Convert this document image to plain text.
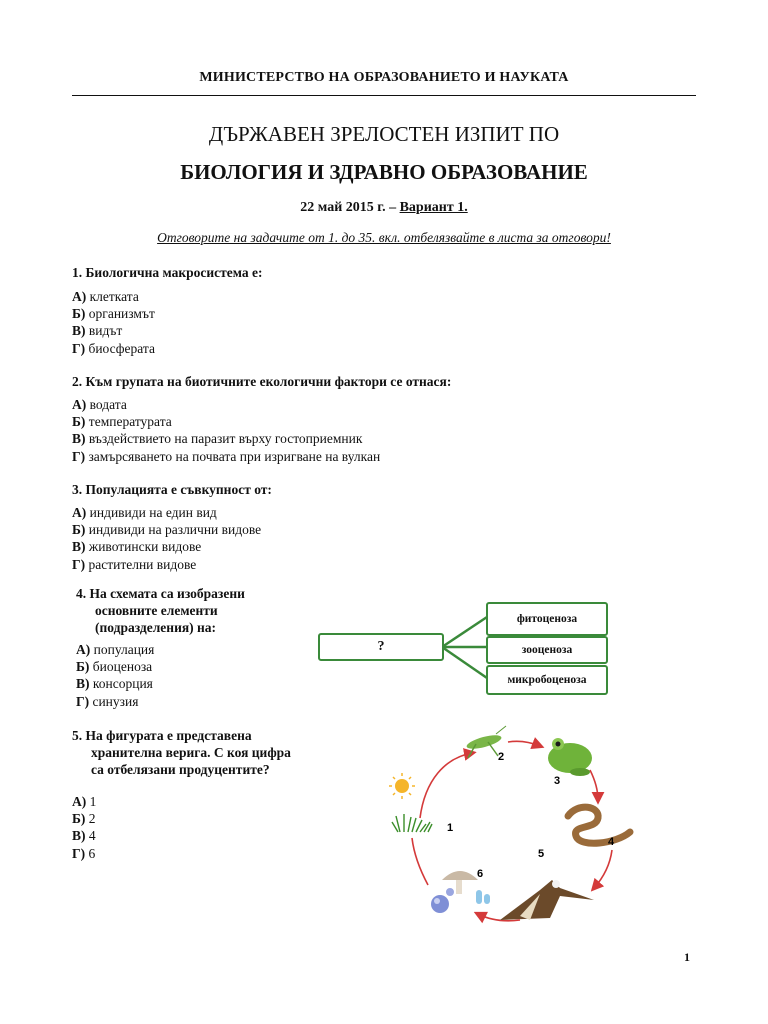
МИНИСТЕРСТВО НА ОБРАЗОВАНИЕТО И НАУКАТА
ДЪРЖАВЕН ЗРЕЛОСТЕН ИЗПИТ ПО
БИОЛОГИЯ И ЗДРАВНО ОБРАЗОВАНИЕ
22 май 2015 г. – Вариант 1.
Отговорите на задачите от 1. до 35. вкл. отбелязвайте в листа за отговори!
1. Биологична макросистема е:
А) клетката
Б) организмът
В) видът
Г) биосферата
2. Към групата на биотичните екологични фактори се отнася:
А) водата
Б) температурата
В) въздействието на паразит върху гостоприемник
Г) замърсяването на почвата при изригване на вулкан
3. Популацията е съвкупност от:
А) индивиди на един вид
Б) индивиди на различни видове
В) животински видове
Г) растителни видове
4. На схемата са изобразени
основните елементи
(подразделения) на:
А) популация
Б) биоценоза
В) консорция
Г) синузия
?
фитоценоза
зооценоза
микробоценоза
5. На фигурата е представена
хранителна верига. С коя цифра
са отбелязани продуцентите?
А) 1
Б) 2
В) 4
Г) 6
1
2
3
4
5
6
1
